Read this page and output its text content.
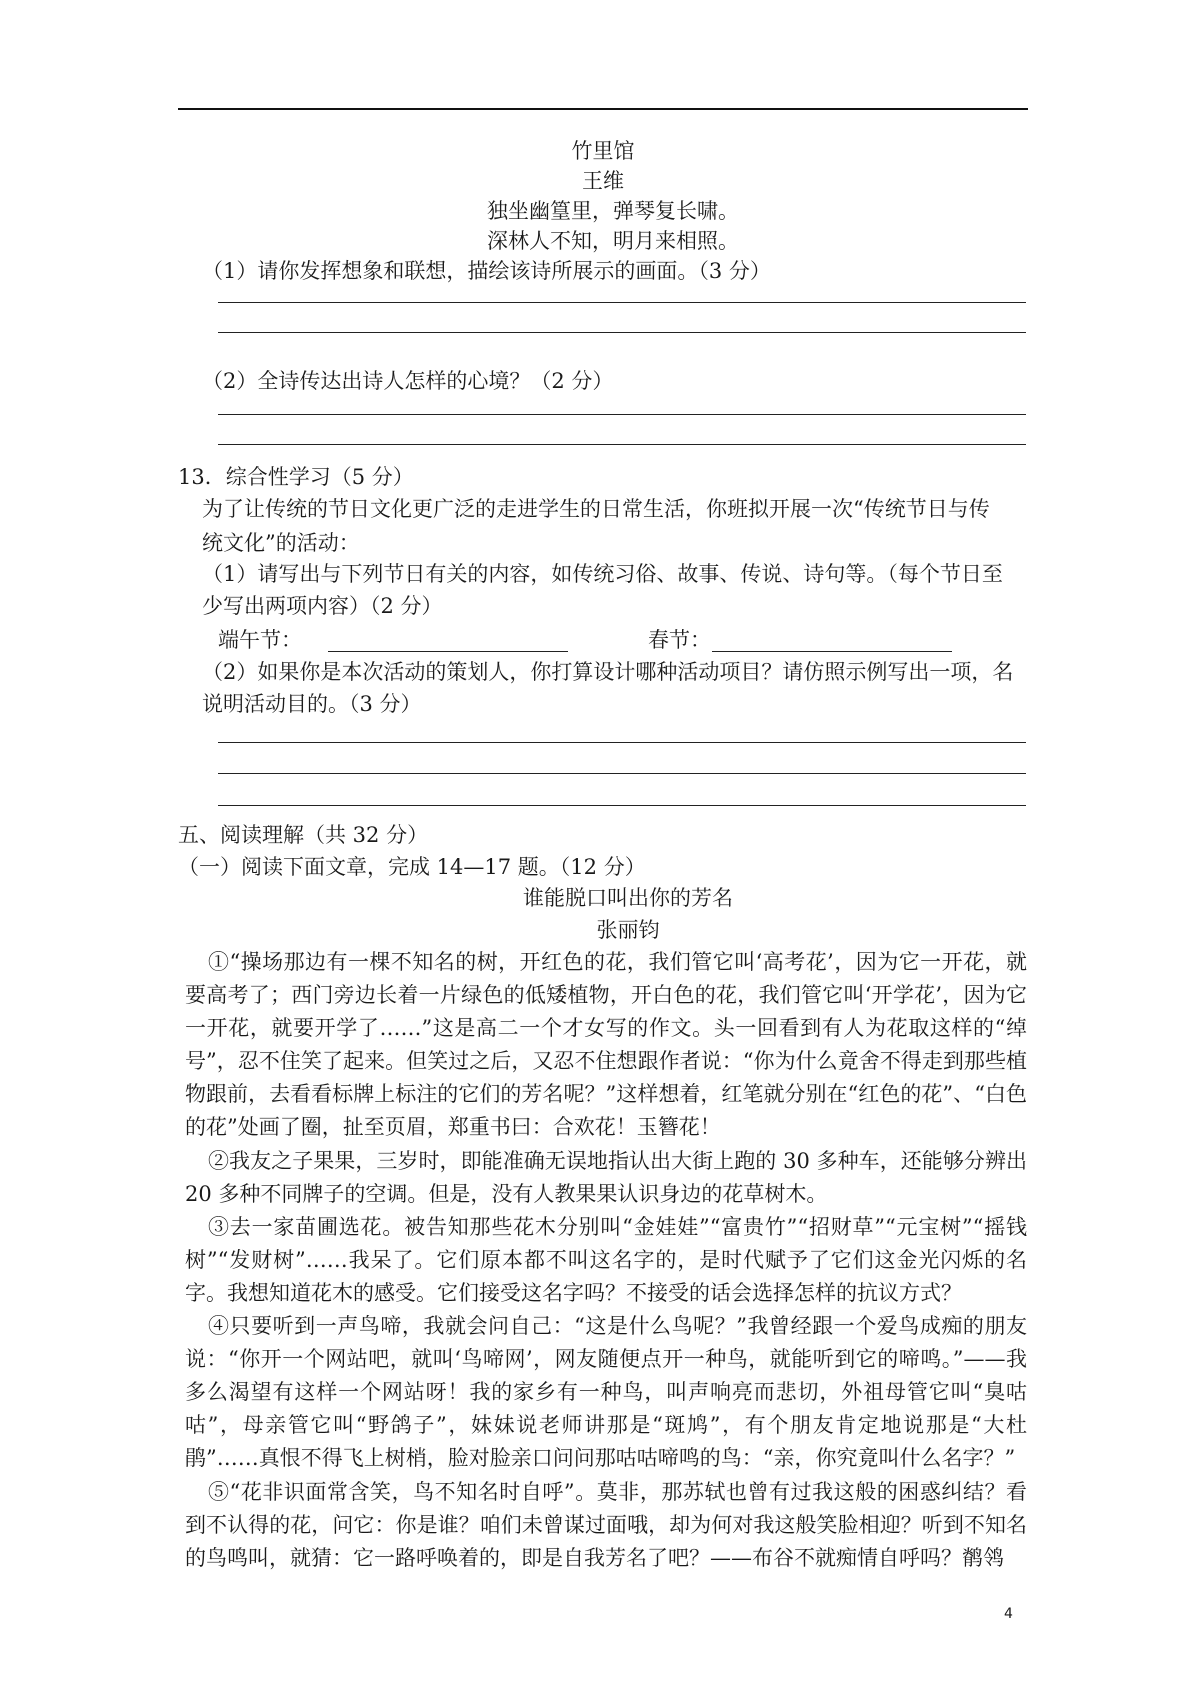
竹里馆
王维
独坐幽篁里，弹琴复长啸。
深林人不知，明月来相照。
（1）请你发挥想象和联想，描绘该诗所展示的画面。（3 分）
（2）全诗传达出诗人怎样的心境？（2 分）
13．综合性学习（5 分）
为了让传统的节日文化更广泛的走进学生的日常生活，你班拟开展一次“传统节日与传
统文化”的活动：
（1）请写出与下列节日有关的内容，如传统习俗、故事、传说、诗句等。（每个节日至
少写出两项内容）（2 分）
端午节：	春节：
（2）如果你是本次活动的策划人，你打算设计哪种活动项目？请仿照示例写出一项，名
说明活动目的。（3 分）
五、阅读理解（共 32 分）
（一）阅读下面文章，完成 14—17 题。（12 分）
谁能脱口叫出你的芳名
张丽钧
①“操场那边有一棵不知名的树，开红色的花，我们管它叫‘高考花’，因为它一开花，就要高考了；西门旁边长着一片绿色的低矮植物，开白色的花，我们管它叫‘开学花’，因为它一开花，就要开学了……”这是高二一个才女写的作文。头一回看到有人为花取这样的“绰号”，忍不住笑了起来。但笑过之后，又忍不住想跟作者说：“你为什么竟舍不得走到那些植物跟前，去看看标牌上标注的它们的芳名呢？”这样想着，红笔就分别在“红色的花”、“白色的花”处画了圈，扯至页眉，郑重书曰：合欢花！玉簪花！
②我友之子果果，三岁时，即能准确无误地指认出大街上跑的 30 多种车，还能够分辨出 20 多种不同牌子的空调。但是，没有人教果果认识身边的花草树木。
③去一家苗圃选花。被告知那些花木分别叫“金娃娃”“富贵竹”“招财草”“元宝树”“摇钱树”“发财树”……我呆了。它们原本都不叫这名字的，是时代赋予了它们这金光闪烁的名字。我想知道花木的感受。它们接受这名字吗？不接受的话会选择怎样的抗议方式？
④只要听到一声鸟啼，我就会问自己：“这是什么鸟呢？”我曾经跟一个爱鸟成痴的朋友说：“你开一个网站吧，就叫‘鸟啼网’，网友随便点开一种鸟，就能听到它的啼鸣。”——我多么渴望有这样一个网站呀！我的家乡有一种鸟，叫声响亮而悲切，外祖母管它叫“臭咕咕”，母亲管它叫“野鸽子”，妹妹说老师讲那是“斑鸠”，有个朋友肯定地说那是“大杜鹃”……真恨不得飞上树梢，脸对脸亲口问问那咕咕啼鸣的鸟：“亲，你究竟叫什么名字？”
⑤“花非识面常含笑，鸟不知名时自呼”。莫非，那苏轼也曾有过我这般的困惑纠结？看到不认得的花，问它：你是谁？咱们未曾谋过面哦，却为何对我这般笑脸相迎？听到不知名的鸟鸣叫，就猜：它一路呼唤着的，即是自我芳名了吧？——布谷不就痴情自呼吗？鹡鸰
4
